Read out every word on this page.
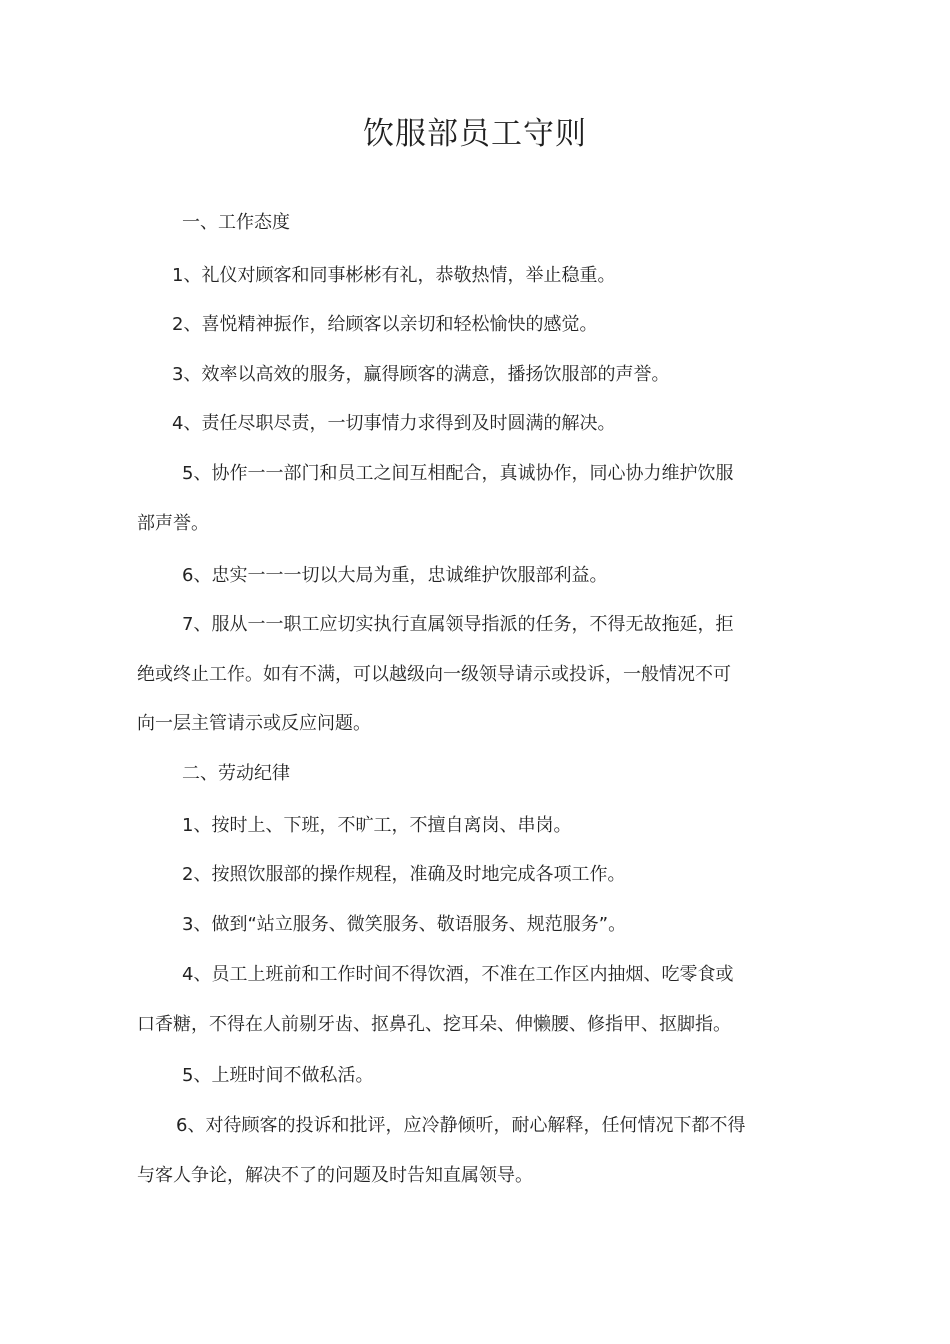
饮服部员工守则
一、工作态度
1、礼仪对顾客和同事彬彬有礼，恭敬热情，举止稳重。
2、喜悦精神振作，给顾客以亲切和轻松愉快的感觉。
3、效率以高效的服务，赢得顾客的满意，播扬饮服部的声誉。
4、责任尽职尽责，一切事情力求得到及时圆满的解决。
5、协作一一部门和员工之间互相配合，真诚协作，同心协力维护饮服
部声誉。
6、忠实一一一切以大局为重，忠诚维护饮服部利益。
7、服从一一职工应切实执行直属领导指派的任务，不得无故拖延，拒
绝或终止工作。如有不满，可以越级向一级领导请示或投诉，一般情况不可
向一层主管请示或反应问题。
二、劳动纪律
1、按时上、下班，不旷工，不擅自离岗、串岗。
2、按照饮服部的操作规程，准确及时地完成各项工作。
3、做到“站立服务、微笑服务、敬语服务、规范服务”。
4、员工上班前和工作时间不得饮酒，不准在工作区内抽烟、吃零食或
口香糖，不得在人前剔牙齿、抠鼻孔、挖耳朵、伸懒腰、修指甲、抠脚指。
5、上班时间不做私活。
6、对待顾客的投诉和批评，应冷静倾听，耐心解释，任何情况下都不得
与客人争论，解决不了的问题及时告知直属领导。
